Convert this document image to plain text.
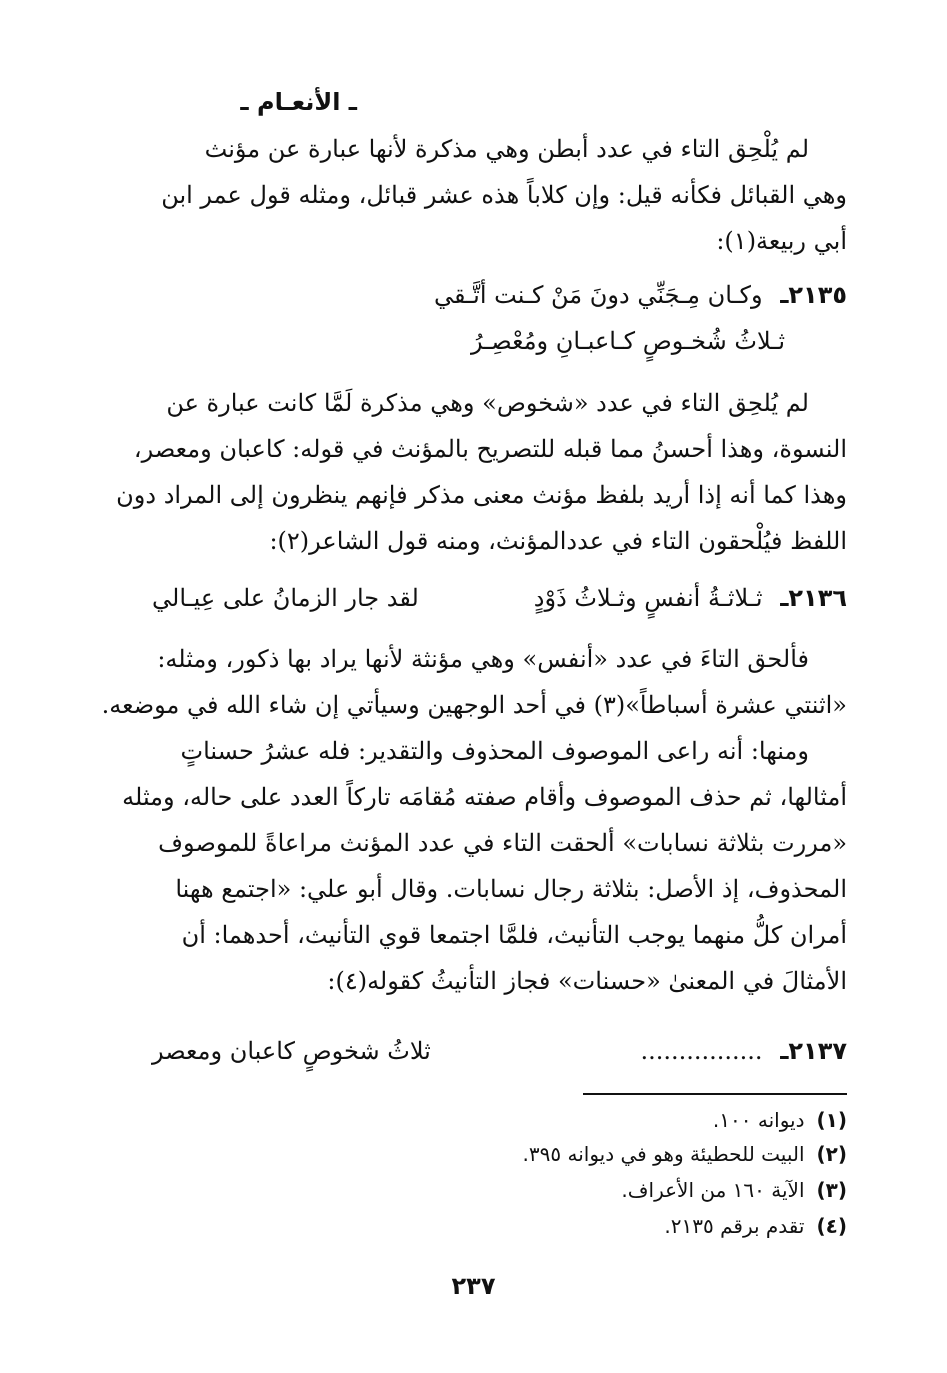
ـ الأنعـام ـ
لم يُلْحِق التاء في عدد أبطن وهي مذكرة لأنها عبارة عن مؤنث
وهي القبائل فكأنه قيل: وإن كلاباً هذه عشر قبائل، ومثله قول عمر ابن
أبي ربيعة(١):
٢١٣٥ـ وكـان مِـجَنِّي دونَ مَنْ كـنت أتَّـقي
ثـلاثُ شُخـوصٍ كـاعبـانِ ومُعْصِـرُ
لم يُلحِق التاء في عدد «شخوص» وهي مذكرة لَمَّا كانت عبارة عن
النسوة، وهذا أحسنُ مما قبله للتصريح بالمؤنث في قوله: كاعبان ومعصر،
وهذا كما أنه إذا أريد بلفظ مؤنث معنى مذكر فإنهم ينظرون إلى المراد دون
اللفظ فيُلْحقون التاء في عددالمؤنث، ومنه قول الشاعر(٢):
٢١٣٦ـ ثـلاثـةُ أنفسٍ وثـلاثُ ذَوْدٍ
لقد جار الزمانُ على عِيـالي
فألحق التاءَ في عدد «أنفس» وهي مؤنثة لأنها يراد بها ذكور، ومثله:
«اثنتي عشرة أسباطاً»(٣) في أحد الوجهين وسيأتي إن شاء الله في موضعه.
ومنها: أنه راعى الموصوف المحذوف والتقدير: فله عشرُ حسناتٍ
أمثالها، ثم حذف الموصوف وأقام صفته مُقامَه تاركاً العدد على حاله، ومثله
«مررت بثلاثة نسابات» ألحقت التاء في عدد المؤنث مراعاةً للموصوف
المحذوف، إذ الأصل: بثلاثة رجال نسابات. وقال أبو علي: «اجتمع ههنا
أمران كلُّ منهما يوجب التأنيث، فلمَّا اجتمعا قوي التأنيث، أحدهما: أن
الأمثالَ في المعنىٰ «حسنات» فجاز التأنيثُ كقوله(٤):
٢١٣٧ـ ................
ثلاثُ شخوصٍ كاعبان ومعصر
(١)ديوانه ١٠٠.
(٢)البيت للحطيئة وهو في ديوانه ٣٩٥.
(٣)الآية ١٦٠ من الأعراف.
(٤)تقدم برقم ٢١٣٥.
٢٣٧
